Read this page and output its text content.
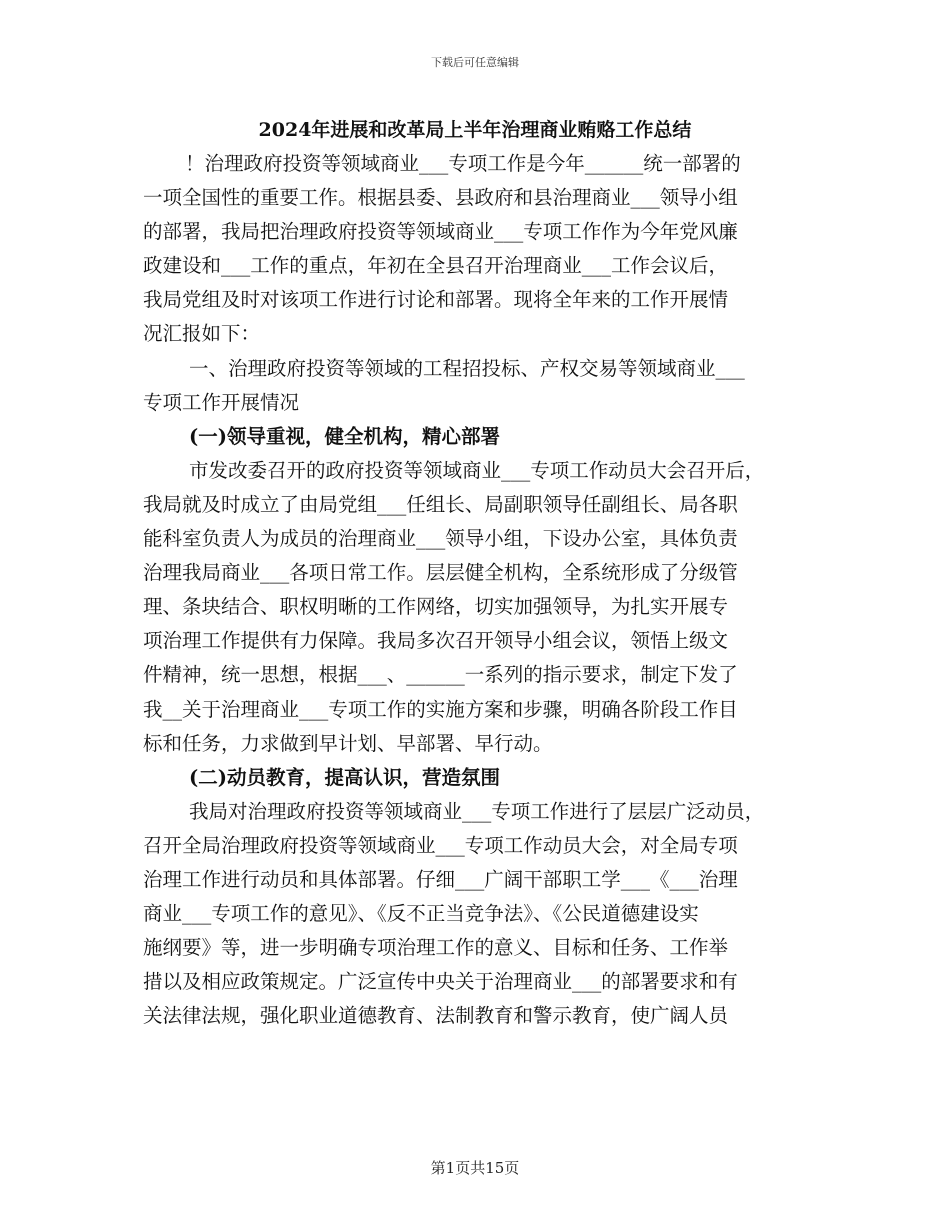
下载后可任意编辑
2024年进展和改革局上半年治理商业贿赂工作总结
！治理政府投资等领域商业___专项工作是今年______统一部署的
一项全国性的重要工作。根据县委、县政府和县治理商业___领导小组
的部署，我局把治理政府投资等领域商业___专项工作作为今年党风廉
政建设和___工作的重点，年初在全县召开治理商业___工作会议后，
我局党组及时对该项工作进行讨论和部署。现将全年来的工作开展情
况汇报如下：
一、治理政府投资等领域的工程招投标、产权交易等领域商业___
专项工作开展情况
(一)领导重视，健全机构，精心部署
市发改委召开的政府投资等领域商业___专项工作动员大会召开后，
我局就及时成立了由局党组___任组长、局副职领导任副组长、局各职
能科室负责人为成员的治理商业___领导小组，下设办公室，具体负责
治理我局商业___各项日常工作。层层健全机构，全系统形成了分级管
理、条块结合、职权明晰的工作网络，切实加强领导，为扎实开展专
项治理工作提供有力保障。我局多次召开领导小组会议，领悟上级文
件精神，统一思想，根据___、______一系列的指示要求，制定下发了
我__关于治理商业___专项工作的实施方案和步骤，明确各阶段工作目
标和任务，力求做到早计划、早部署、早行动。
(二)动员教育，提高认识，营造氛围
我局对治理政府投资等领域商业___专项工作进行了层层广泛动员，
召开全局治理政府投资等领域商业___专项工作动员大会，对全局专项
治理工作进行动员和具体部署。仔细___广阔干部职工学___《___治理
商业___专项工作的意见》、《反不正当竞争法》、《公民道德建设实
施纲要》等，进一步明确专项治理工作的意义、目标和任务、工作举
措以及相应政策规定。广泛宣传中央关于治理商业___的部署要求和有
关法律法规，强化职业道德教育、法制教育和警示教育，使广阔人员
第1页共15页
